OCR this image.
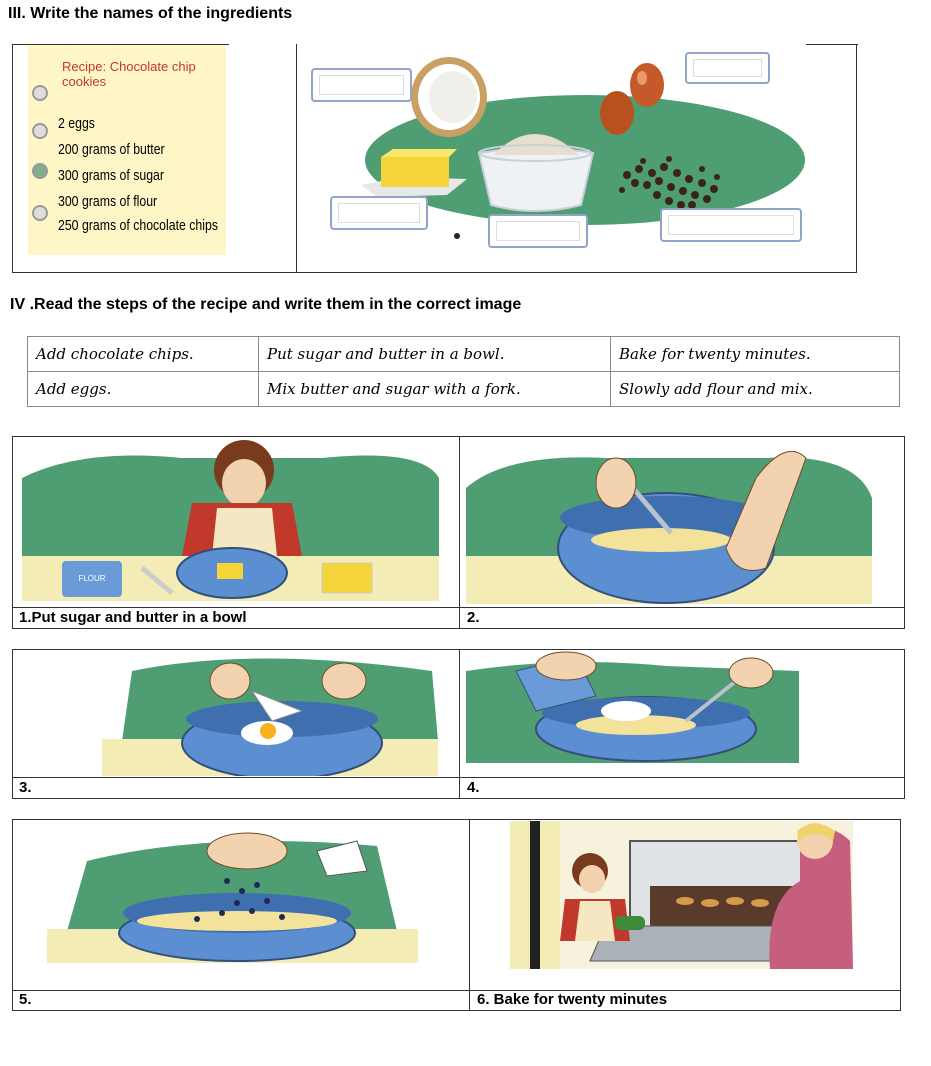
III. Write the names of the ingredients
Recipe: Chocolate chip cookies
2 eggs
200 grams of butter
300 grams of sugar
300 grams of flour
250 grams of chocolate chips
IV .Read the steps of the recipe and write them in the correct image
Add chocolate chips.	Put sugar and butter in a bowl.	Bake for twenty minutes.
Add eggs.	Mix butter and sugar with a fork.	Slowly add flour and mix.
1.Put sugar and butter in a bowl	2.
FLOUR
3.	4.
5.	6. Bake for twenty minutes
